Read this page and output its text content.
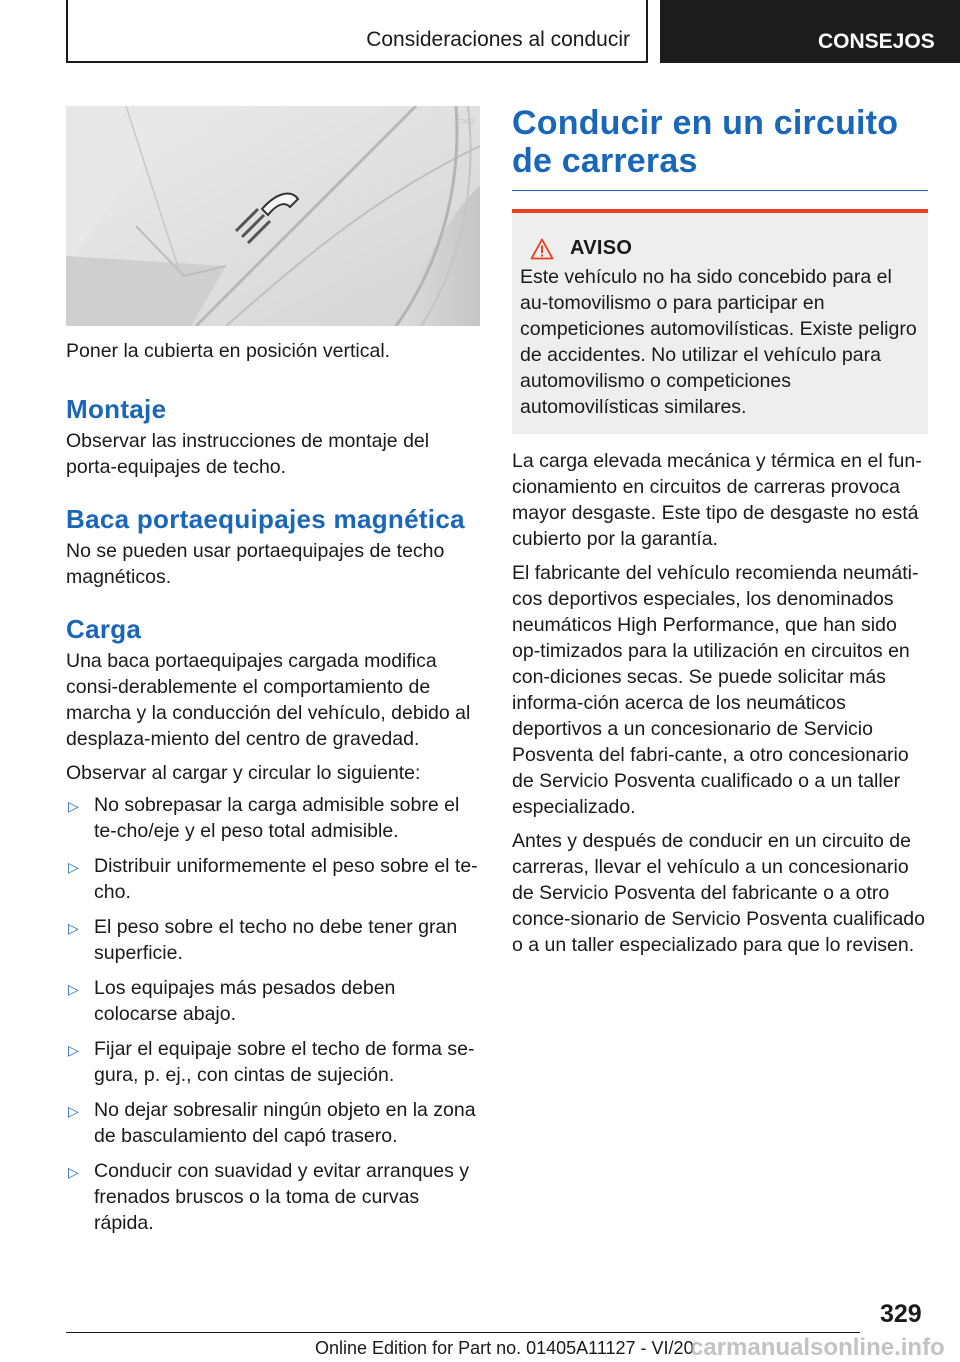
Consideraciones al conducir	CONSEJOS
▭▭

Poner la cubierta en posición vertical.

Montaje

Observar las instrucciones de montaje del porta‐equipajes de techo.

Baca portaequipajes magnética

No se pueden usar portaequipajes de techo magnéticos.

Carga

Una baca portaequipajes cargada modifica consi‐derablemente el comportamiento de marcha y la conducción del vehículo, debido al desplaza‐miento del centro de gravedad.

Observar al cargar y circular lo siguiente:

▷ No sobrepasar la carga admisible sobre el te‐cho/eje y el peso total admisible.
▷ Distribuir uniformemente el peso sobre el te‐cho.
▷ El peso sobre el techo no debe tener gran superficie.
▷ Los equipajes más pesados deben colocarse abajo.
▷ Fijar el equipaje sobre el techo de forma se‐gura, p. ej., con cintas de sujeción.
▷ No dejar sobresalir ningún objeto en la zona de basculamiento del capó trasero.
▷ Conducir con suavidad y evitar arranques y frenados bruscos o la toma de curvas rápida.
Conducir en un circuito de carreras
AVISO

Este vehículo no ha sido concebido para el au‐tomovilismo o para participar en competiciones automovilísticas. Existe peligro de accidentes. No utilizar el vehículo para automovilismo o competiciones automovilísticas similares.

La carga elevada mecánica y térmica en el fun‐cionamiento en circuitos de carreras provoca mayor desgaste. Este tipo de desgaste no está cubierto por la garantía.

El fabricante del vehículo recomienda neumáti‐cos deportivos especiales, los denominados neumáticos High Performance, que han sido op‐timizados para la utilización en circuitos en con‐diciones secas. Se puede solicitar más informa‐ción acerca de los neumáticos deportivos a un concesionario de Servicio Posventa del fabri‐cante, a otro concesionario de Servicio Posventa cualificado o a un taller especializado.

Antes y después de conducir en un circuito de carreras, llevar el vehículo a un concesionario de Servicio Posventa del fabricante o a otro conce‐sionario de Servicio Posventa cualificado o a un taller especializado para que lo revisen.

329
Online Edition for Part no. 01405A11127 - VI/20
carmanualsonline.info
